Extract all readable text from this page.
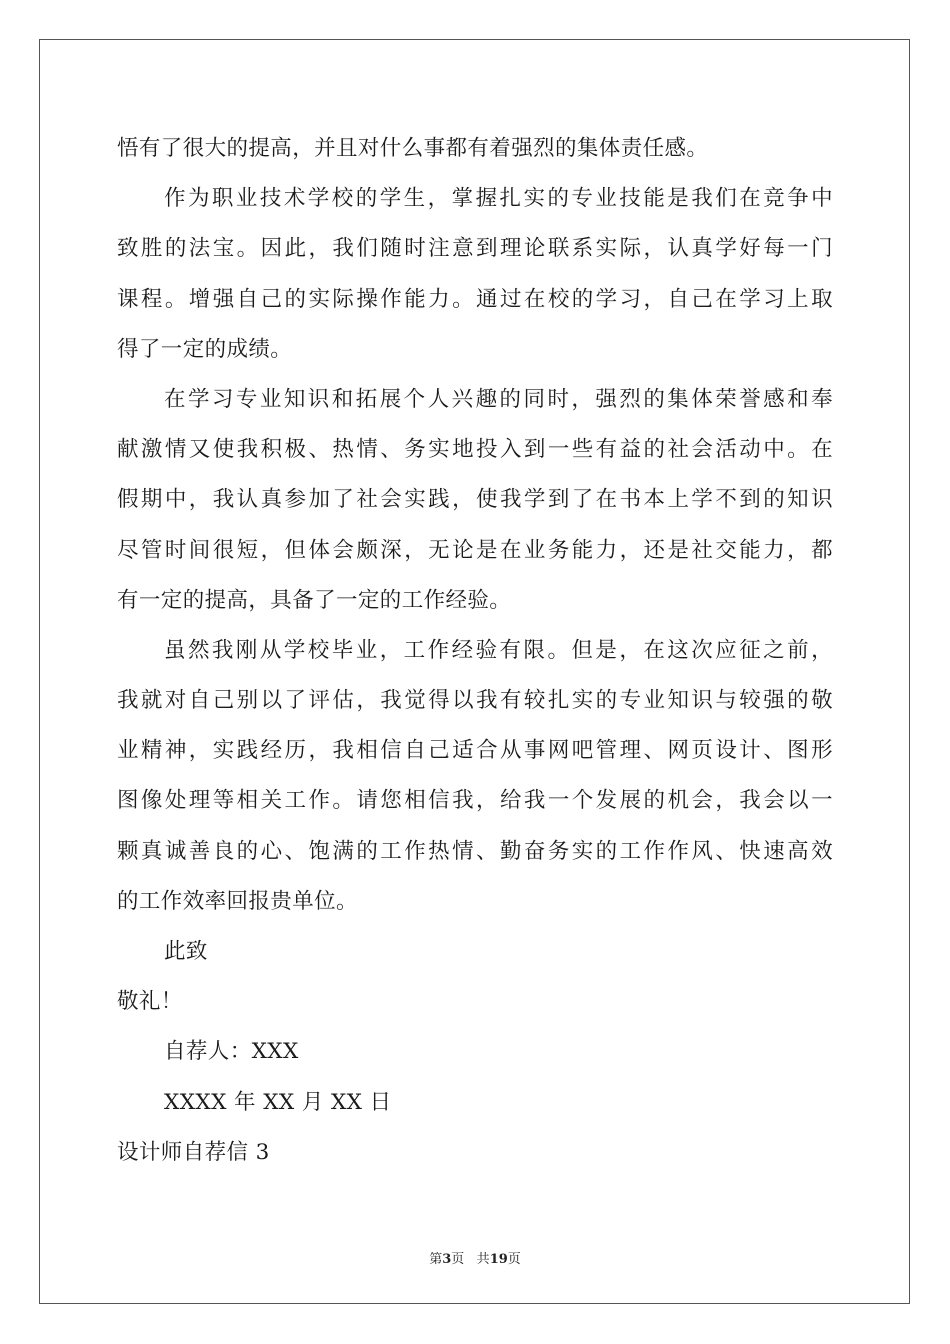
悟有了很大的提高，并且对什么事都有着强烈的集体责任感。
作为职业技术学校的学生，掌握扎实的专业技能是我们在竞争中
致胜的法宝。因此，我们随时注意到理论联系实际，认真学好每一门
课程。增强自己的实际操作能力。通过在校的学习，自己在学习上取
得了一定的成绩。
在学习专业知识和拓展个人兴趣的同时，强烈的集体荣誉感和奉
献激情又使我积极、热情、务实地投入到一些有益的社会活动中。在
假期中，我认真参加了社会实践，使我学到了在书本上学不到的知识
尽管时间很短，但体会颇深，无论是在业务能力，还是社交能力，都
有一定的提高，具备了一定的工作经验。
虽然我刚从学校毕业，工作经验有限。但是，在这次应征之前，
我就对自己别以了评估，我觉得以我有较扎实的专业知识与较强的敬
业精神，实践经历，我相信自己适合从事网吧管理、网页设计、图形
图像处理等相关工作。请您相信我，给我一个发展的机会，我会以一
颗真诚善良的心、饱满的工作热情、勤奋务实的工作作风、快速高效
的工作效率回报贵单位。
此致
敬礼！
自荐人：XXX
XXXX 年 XX 月 XX 日
设计师自荐信 3
第3页 共19页
